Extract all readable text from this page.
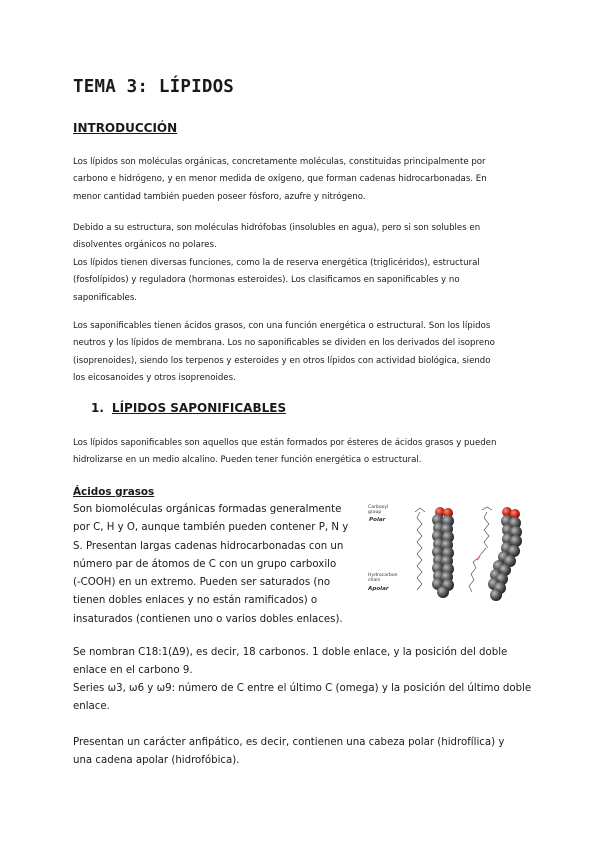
TEMA 3: LÍPIDOS
INTRODUCCIÓN

Los lípidos son moléculas orgánicas, concretamente moléculas, constituidas principalmente por
carbono e hidrógeno, y en menor medida de oxígeno, que forman cadenas hidrocarbonadas. En
menor cantidad también pueden poseer fósforo, azufre y nitrógeno.

Debido a su estructura, son moléculas hidrófobas (insolubles en agua), pero si son solubles en
disolventes orgánicos no polares.
Los lípidos tienen diversas funciones, como la de reserva energética (triglicéridos), estructural
(fosfolípidos) y reguladora (hormonas esteroides). Los clasificamos en saponificables y no
saponificables.

Los saponificables tienen ácidos grasos, con una función energética o estructural. Son los lípidos
neutros y los lípidos de membrana. Los no saponificables se dividen en los derivados del isopreno
(isoprenoides), siendo los terpenos y esteroides y en otros lípidos con actividad biológica, siendo
los eicosanoides y otros isoprenoides.

1. LÍPIDOS SAPONIFICABLES

Los lípidos saponificables son aquellos que están formados por ésteres de ácidos grasos y pueden
hidrolizarse en un medio alcalino. Pueden tener función energética o estructural.

Ácidos grasos

Son biomoléculas orgánicas formadas generalmente
por C, H y O, aunque también pueden contener P, N y
S. Presentan largas cadenas hidrocarbonadas con un
número par de átomos de C con un grupo carboxilo
(-COOH) en un extremo. Pueden ser saturados (no
tienen dobles enlaces y no están ramificados) o
insaturados (contienen uno o varios dobles enlaces).

Carboxyl
group
Polar
Hydrocarbon
chain
Apolar

Se nombran C18:1(Δ9), es decir, 18 carbonos. 1 doble enlace, y la posición del doble
enlace en el carbono 9.
Series ω3, ω6 y ω9: número de C entre el último C (omega) y la posición del último doble
enlace.

Presentan un carácter anfipático, es decir, contienen una cabeza polar (hidrofílica) y
una cadena apolar (hidrofóbica).
